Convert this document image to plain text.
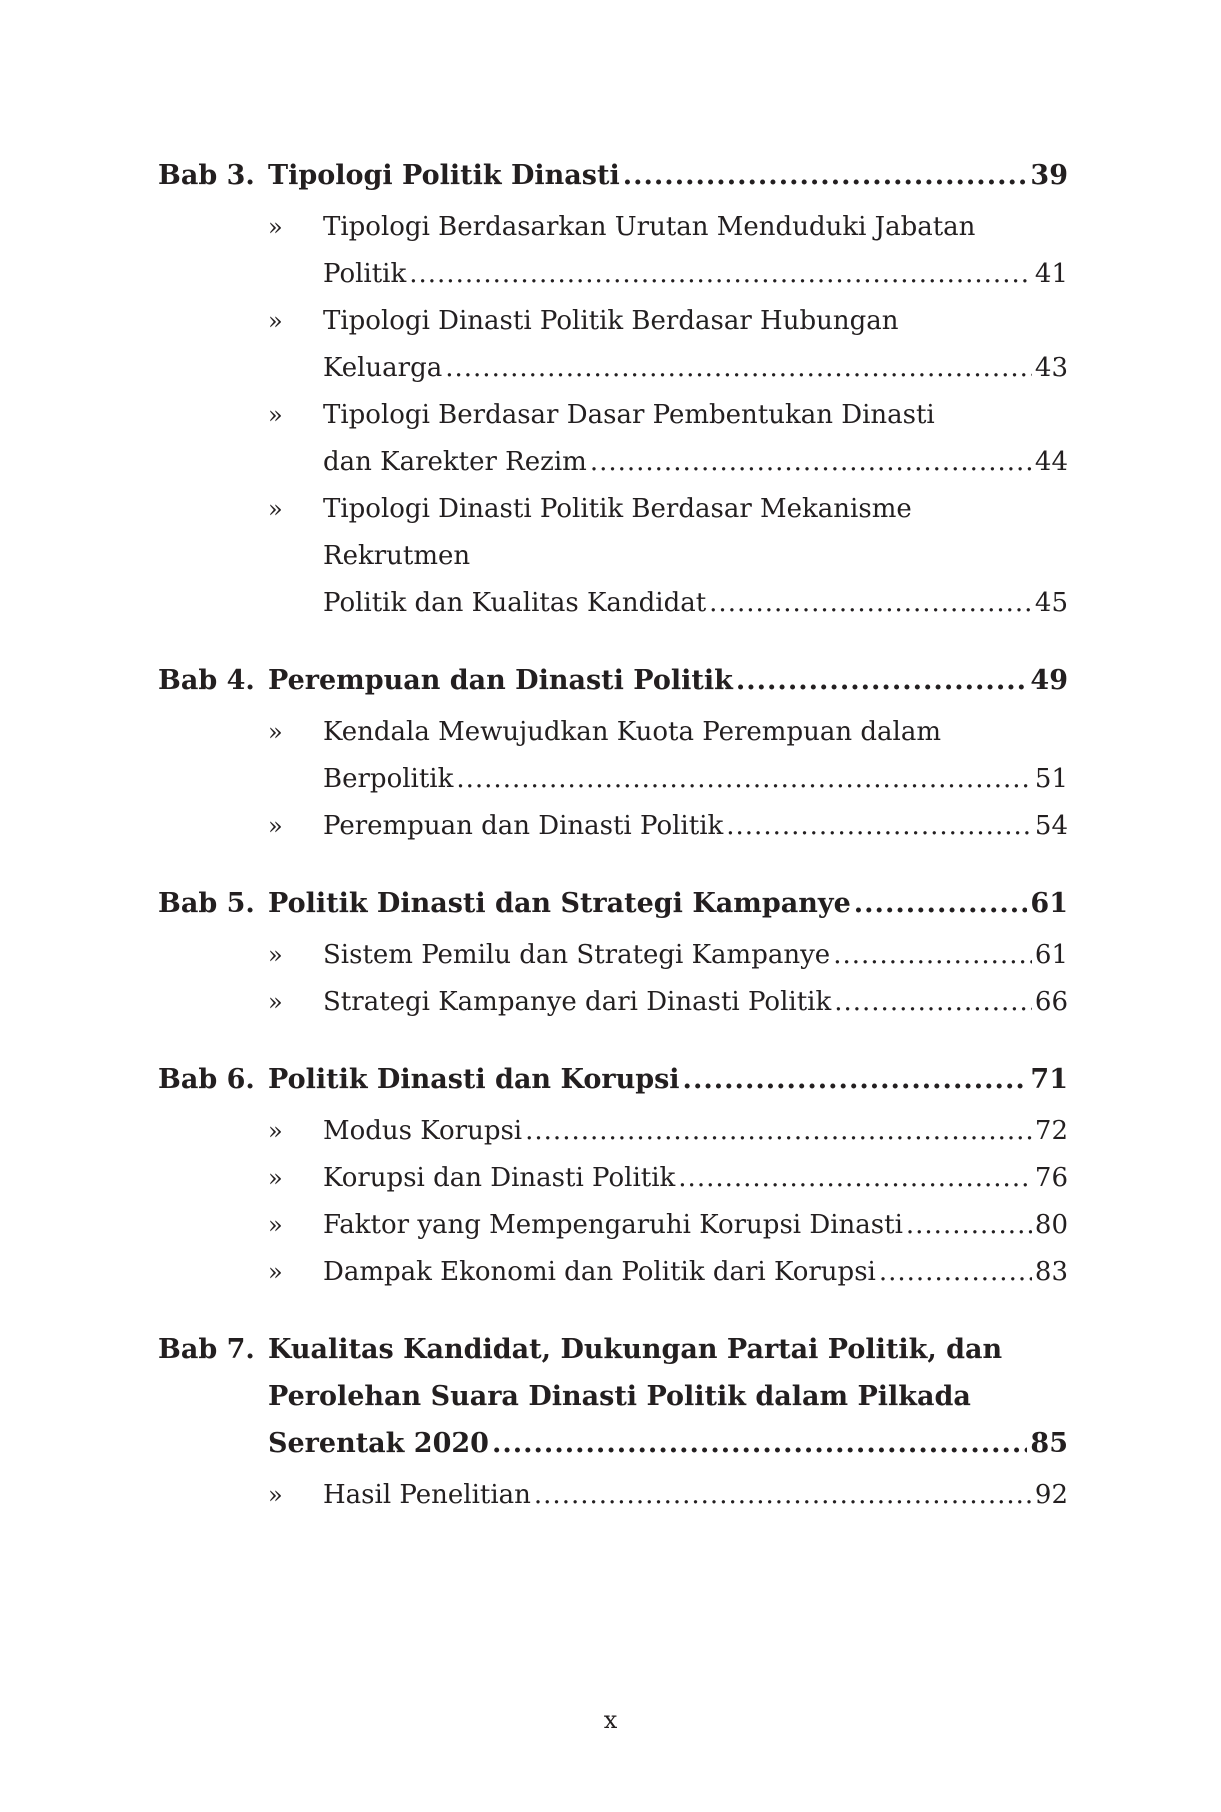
Bab 3. Tipologi Politik Dinasti .....	39
»	Tipologi Berdasarkan Urutan Menduduki Jabatan
Politik .....	41
»	Tipologi Dinasti Politik Berdasar Hubungan
Keluarga .....	43
»	Tipologi Berdasar Dasar Pembentukan Dinasti
dan Karekter Rezim .....	44
»	Tipologi Dinasti Politik Berdasar Mekanisme
Rekrutmen
Politik dan Kualitas Kandidat .....	45
Bab 4. Perempuan dan Dinasti Politik .....	49
»	Kendala Mewujudkan Kuota Perempuan dalam
Berpolitik .....	51
»	Perempuan dan Dinasti Politik .....	54
Bab 5. Politik Dinasti dan Strategi Kampanye .....	61
»	Sistem Pemilu dan Strategi Kampanye .....	61
»	Strategi Kampanye dari Dinasti Politik .....	66
Bab 6. Politik Dinasti dan Korupsi .....	71
»	Modus Korupsi .....	72
»	Korupsi dan Dinasti Politik .....	76
»	Faktor yang Mempengaruhi Korupsi Dinasti .....	80
»	Dampak Ekonomi dan Politik dari Korupsi .....	83
Bab 7. Kualitas Kandidat, Dukungan Partai Politik, dan
Perolehan Suara Dinasti Politik dalam Pilkada
Serentak 2020 .....	85
»	Hasil Penelitian .....	92
x
